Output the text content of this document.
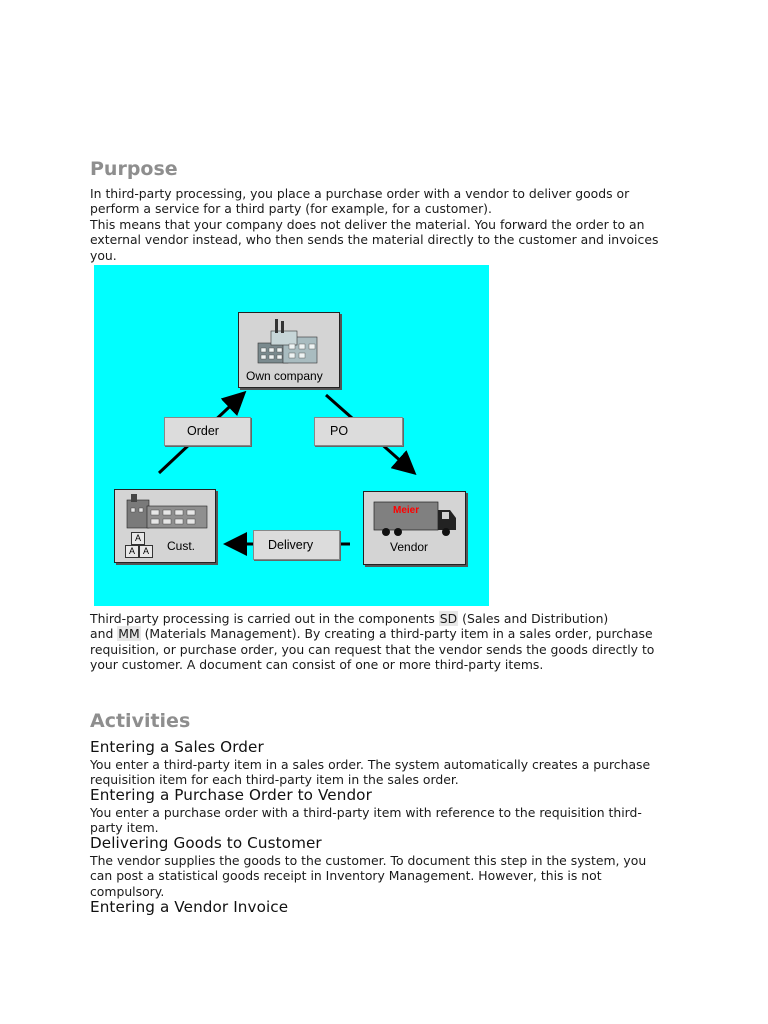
Purpose
In third-party processing, you place a purchase order with a vendor to deliver goods or
perform a service for a third party (for example, for a customer).
This means that your company does not deliver the material. You forward the order to an
external vendor instead, who then sends the material directly to the customer and invoices
you.
Third-party processing is carried out in the components SD (Sales and Distribution)
and MM (Materials Management). By creating a third-party item in a sales order, purchase
requisition, or purchase order, you can request that the vendor sends the goods directly to
your customer. A document can consist of one or more third-party items.
Activities
Entering a Sales Order
You enter a third-party item in a sales order. The system automatically creates a purchase
requisition item for each third-party item in the sales order.
Entering a Purchase Order to Vendor
You enter a purchase order with a third-party item with reference to the requisition third-
party item.
Delivering Goods to Customer
The vendor supplies the goods to the customer. To document this step in the system, you
can post a statistical goods receipt in Inventory Management. However, this is not
compulsory.
Entering a Vendor Invoice
Own company
Order	PO
A
A A	Cust.	Delivery
Meier
Vendor
